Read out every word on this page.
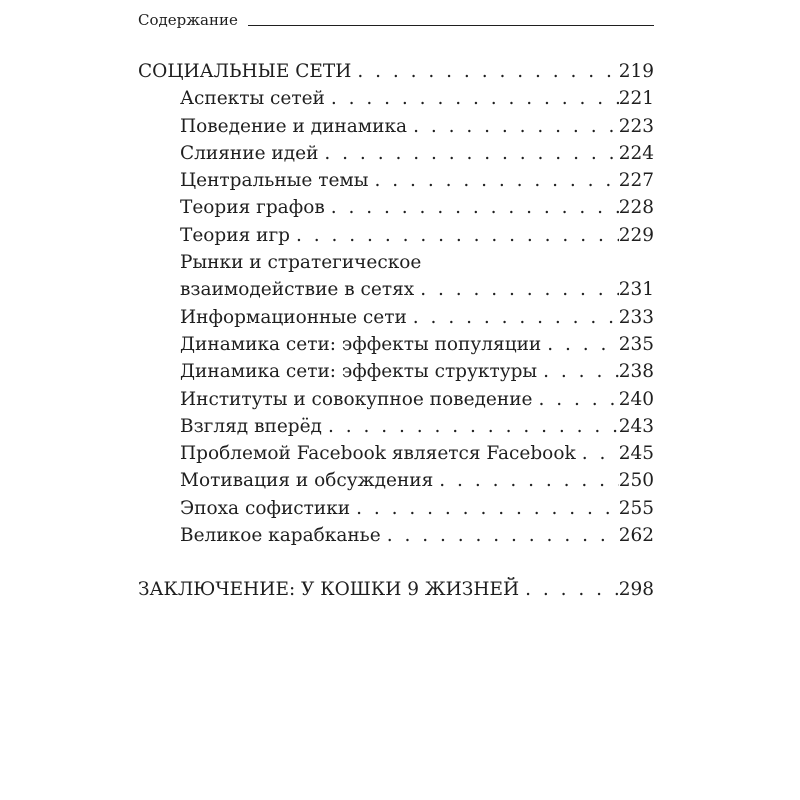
Содержание
СОЦИАЛЬНЫЕ СЕТИ . . .	219
Аспекты сетей . . .	221
Поведение и динамика . . .	223
Слияние идей . . .	224
Центральные темы . . .	227
Теория графов . . .	228
Теория игр . . .	229
Рынки и стратегическое
взаимодействие в сетях . . .	231
Информационные сети . . .	233
Динамика сети: эффекты популяции . . .	235
Динамика сети: эффекты структуры . . .	238
Институты и совокупное поведение . . .	240
Взгляд вперёд . . .	243
Проблемой Facebook является Facebook . . . 245
Мотивация и обсуждения . . .	250
Эпоха софистики . . .	255
Великое карабканье . . .	262
ЗАКЛЮЧЕНИЕ: У КОШКИ 9 ЖИЗНЕЙ . . .	298
